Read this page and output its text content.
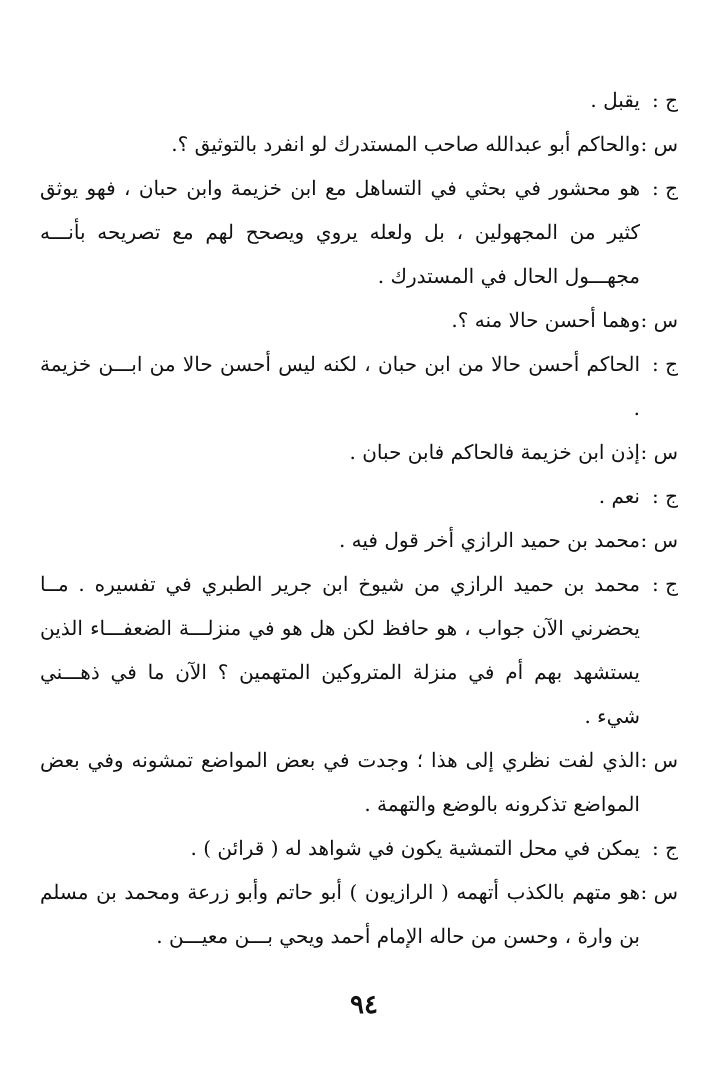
ج :
يقبل .
س :
والحاكم أبو عبدالله صاحب المستدرك لو انفرد بالتوثيق ؟.
ج :
هو محشور في بحثي في التساهل مع ابن خزيمة وابن حبان ، فهو يوثق كثير من المجهولين ، بل ولعله يروي ويصحح لهم مع تصريحه بأنـــه مجهـــول الحال في المستدرك .
س :
وهما أحسن حالا منه ؟.
ج :
الحاكم أحسن حالا من ابن حبان ، لكنه ليس أحسن حالا من ابـــن خزيمة .
س :
إذن ابن خزيمة فالحاكم فابن حبان .
ج :
نعم .
س :
محمد بن حميد الرازي أخر قول فيه .
ج :
محمد بن حميد الرازي من شيوخ ابن جرير الطبري في تفسيره . مــا يحضرني الآن جواب ، هو حافظ لكن هل هو في منزلـــة الضعفـــاء الذين يستشهد بهم أم في منزلة المتروكين المتهمين ؟ الآن ما في ذهـــني شيء .
س :
الذي لفت نظري إلى هذا ؛ وجدت في بعض المواضع تمشونه وفي بعض المواضع تذكرونه بالوضع والتهمة .
ج :
يمكن في محل التمشية يكون في شواهد له ( قرائن ) .
س :
هو متهم بالكذب أتهمه ( الرازيون ) أبو حاتم وأبو زرعة ومحمد بن مسلم بن وارة ، وحسن من حاله الإمام أحمد ويحي بـــن معيـــن .
٩٤
